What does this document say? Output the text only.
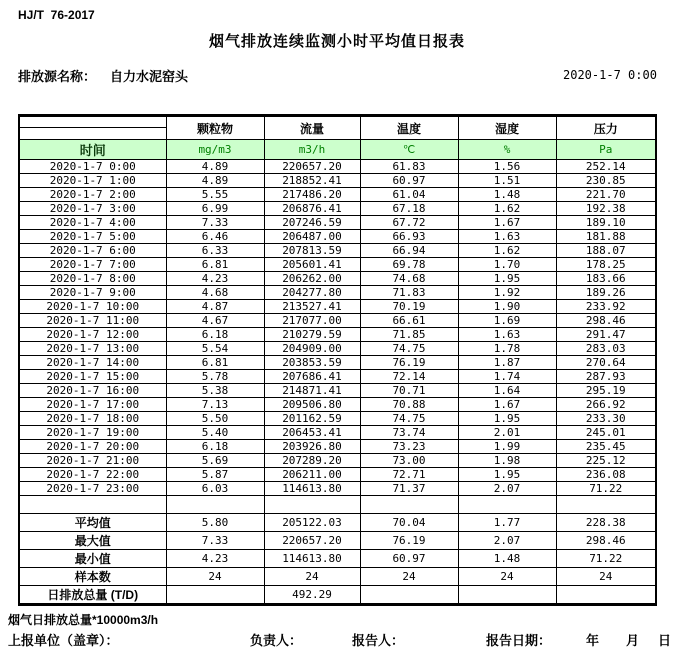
HJ/T  76-2017
烟气排放连续监测小时平均值日报表
排放源名称： 自力水泥窑头	2020-1-7 0:00
	颗粒物	流量	温度	湿度	压力

时间	mg/m3	m3/h	℃	%	Pa
2020-1-7 0:00	4.89	220657.20	61.83	1.56	252.14
2020-1-7 1:00	4.89	218852.41	60.97	1.51	230.85
2020-1-7 2:00	5.55	217486.20	61.04	1.48	221.70
2020-1-7 3:00	6.99	206876.41	67.18	1.62	192.38
2020-1-7 4:00	7.33	207246.59	67.72	1.67	189.10
2020-1-7 5:00	6.46	206487.00	66.93	1.63	181.88
2020-1-7 6:00	6.33	207813.59	66.94	1.62	188.07
2020-1-7 7:00	6.81	205601.41	69.78	1.70	178.25
2020-1-7 8:00	4.23	206262.00	74.68	1.95	183.66
2020-1-7 9:00	4.68	204277.80	71.83	1.92	189.26
2020-1-7 10:00	4.87	213527.41	70.19	1.90	233.92
2020-1-7 11:00	4.67	217077.00	66.61	1.69	298.46
2020-1-7 12:00	6.18	210279.59	71.85	1.63	291.47
2020-1-7 13:00	5.54	204909.00	74.75	1.78	283.03
2020-1-7 14:00	6.81	203853.59	76.19	1.87	270.64
2020-1-7 15:00	5.78	207686.41	72.14	1.74	287.93
2020-1-7 16:00	5.38	214871.41	70.71	1.64	295.19
2020-1-7 17:00	7.13	209506.80	70.88	1.67	266.92
2020-1-7 18:00	5.50	201162.59	74.75	1.95	233.30
2020-1-7 19:00	5.40	206453.41	73.74	2.01	245.01
2020-1-7 20:00	6.18	203926.80	73.23	1.99	235.45
2020-1-7 21:00	5.69	207289.20	73.00	1.98	225.12
2020-1-7 22:00	5.87	206211.00	72.71	1.95	236.08
2020-1-7 23:00	6.03	114613.80	71.37	2.07	71.22

平均值	5.80	205122.03	70.04	1.77	228.38
最大值	7.33	220657.20	76.19	2.07	298.46
最小值	4.23	114613.80	60.97	1.48	71.22
样本数	24	24	24	24	24
日排放总量 (T/D)		492.29			
烟气日排放总量*10000m3/h
上报单位（盖章）：	负责人：	报告人：	报告日期：	年 月 日
